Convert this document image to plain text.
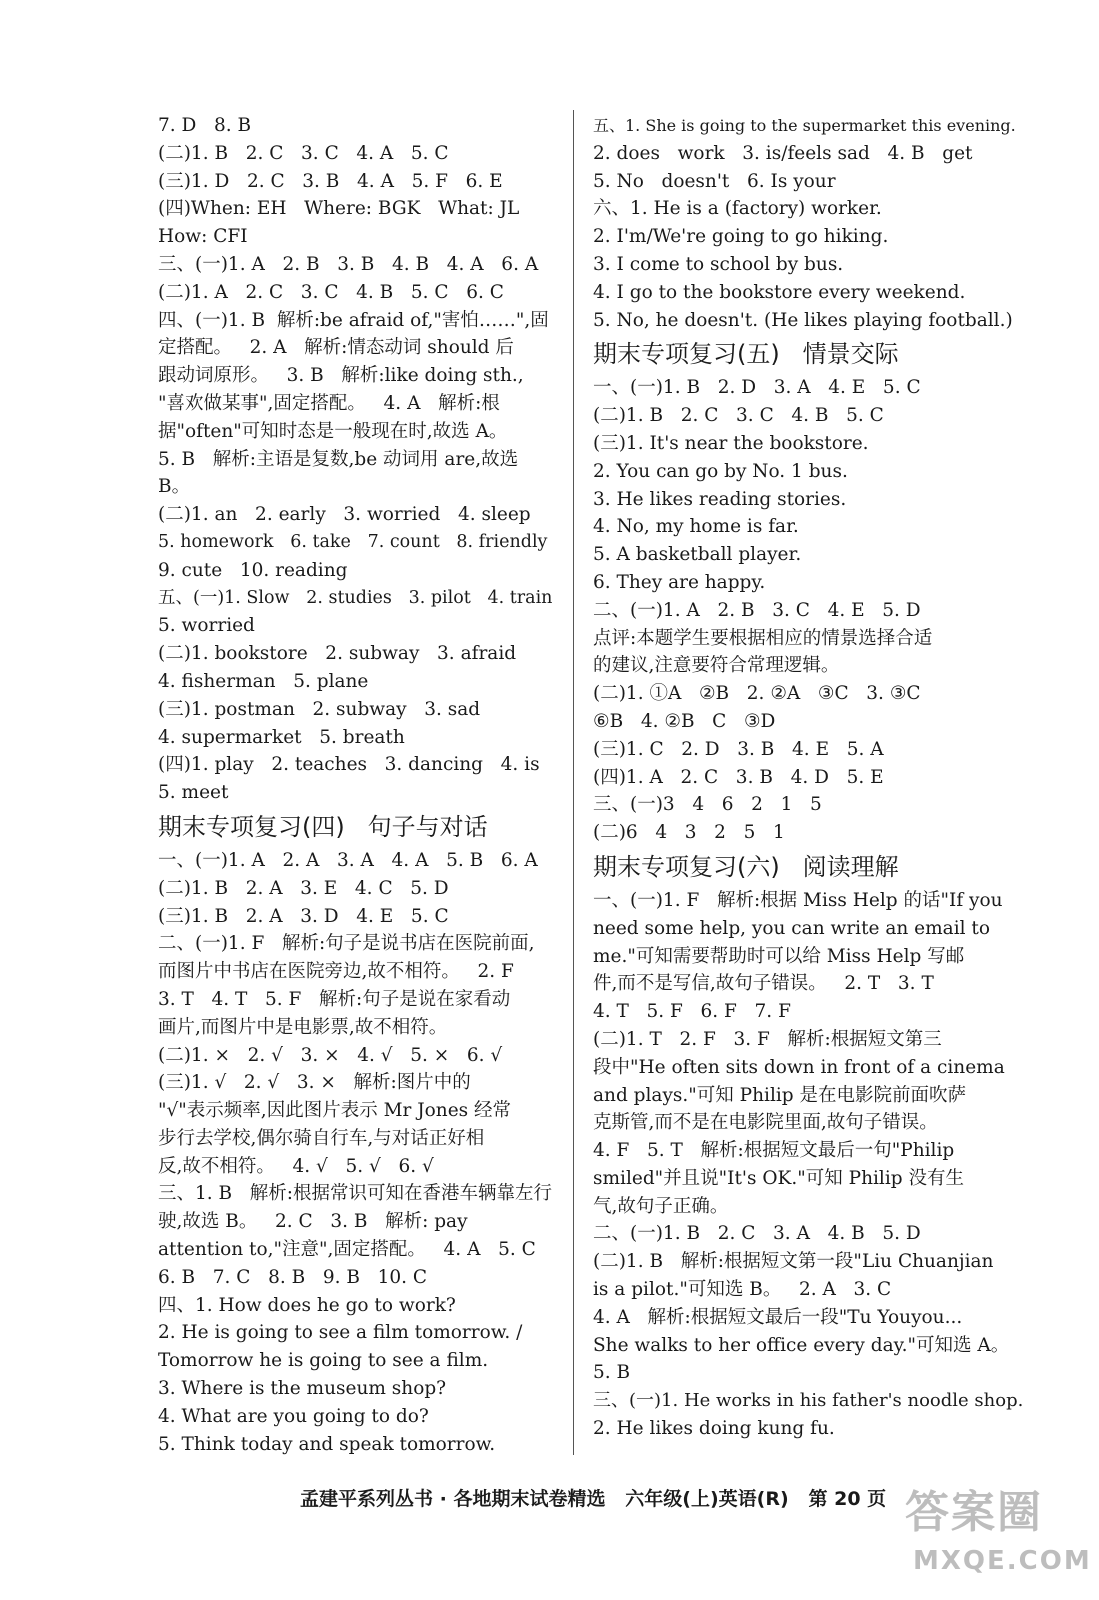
7. D   8. B
(二)1. B   2. C   3. C   4. A   5. C
(三)1. D   2. C   3. B   4. A   5. F   6. E
(四)When: EH   Where: BGK   What: JL
How: CFI
三、(一)1. A   2. B   3. B   4. B   4. A   6. A
(二)1. A   2. C   3. C   4. B   5. C   6. C
四、(一)1. B  解析:be afraid of,"害怕……",固
定搭配。   2. A   解析:情态动词 should 后
跟动词原形。   3. B   解析:like doing sth.,
"喜欢做某事",固定搭配。   4. A   解析:根
据"often"可知时态是一般现在时,故选 A。
5. B   解析:主语是复数,be 动词用 are,故选
B。
(二)1. an   2. early   3. worried   4. sleep
5. homework   6. take   7. count   8. friendly
9. cute   10. reading
五、(一)1. Slow   2. studies   3. pilot   4. train
5. worried
(二)1. bookstore   2. subway   3. afraid
4. fisherman   5. plane
(三)1. postman   2. subway   3. sad
4. supermarket   5. breath
(四)1. play   2. teaches   3. dancing   4. is
5. meet
期末专项复习(四)   句子与对话
一、(一)1. A   2. A   3. A   4. A   5. B   6. A
(二)1. B   2. A   3. E   4. C   5. D
(三)1. B   2. A   3. D   4. E   5. C
二、(一)1. F   解析:句子是说书店在医院前面,
而图片中书店在医院旁边,故不相符。   2. F
3. T   4. T   5. F   解析:句子是说在家看动
画片,而图片中是电影票,故不相符。
(二)1. ×   2. √   3. ×   4. √   5. ×   6. √
(三)1. √   2. √   3. ×   解析:图片中的
"√"表示频率,因此图片表示 Mr Jones 经常
步行去学校,偶尔骑自行车,与对话正好相
反,故不相符。   4. √   5. √   6. √
三、1. B   解析:根据常识可知在香港车辆靠左行
驶,故选 B。   2. C   3. B   解析: pay
attention to,"注意",固定搭配。   4. A   5. C
6. B   7. C   8. B   9. B   10. C
四、1. How does he go to work?
2. He is going to see a film tomorrow. /
Tomorrow he is going to see a film.
3. Where is the museum shop?
4. What are you going to do?
5. Think today and speak tomorrow.
五、1. She is going to the supermarket this evening.
2. does   work   3. is/feels sad   4. B   get
5. No   doesn't   6. Is your
六、1. He is a (factory) worker.
2. I'm/We're going to go hiking.
3. I come to school by bus.
4. I go to the bookstore every weekend.
5. No, he doesn't. (He likes playing football.)
期末专项复习(五)   情景交际
一、(一)1. B   2. D   3. A   4. E   5. C
(二)1. B   2. C   3. C   4. B   5. C
(三)1. It's near the bookstore.
2. You can go by No. 1 bus.
3. He likes reading stories.
4. No, my home is far.
5. A basketball player.
6. They are happy.
二、(一)1. A   2. B   3. C   4. E   5. D
点评:本题学生要根据相应的情景选择合适
的建议,注意要符合常理逻辑。
(二)1. ①A   ②B   2. ②A   ③C   3. ③C
⑥B   4. ②B   C   ③D
(三)1. C   2. D   3. B   4. E   5. A
(四)1. A   2. C   3. B   4. D   5. E
三、(一)3   4   6   2   1   5
(二)6   4   3   2   5   1
期末专项复习(六)   阅读理解
一、(一)1. F   解析:根据 Miss Help 的话"If you
need some help, you can write an email to
me."可知需要帮助时可以给 Miss Help 写邮
件,而不是写信,故句子错误。   2. T   3. T
4. T   5. F   6. F   7. F
(二)1. T   2. F   3. F   解析:根据短文第三
段中"He often sits down in front of a cinema
and plays."可知 Philip 是在电影院前面吹萨
克斯管,而不是在电影院里面,故句子错误。
4. F   5. T   解析:根据短文最后一句"Philip
smiled"并且说"It's OK."可知 Philip 没有生
气,故句子正确。
二、(一)1. B   2. C   3. A   4. B   5. D
(二)1. B   解析:根据短文第一段"Liu Chuanjian
is a pilot."可知选 B。   2. A   3. C
4. A   解析:根据短文最后一段"Tu Youyou...
She walks to her office every day."可知选 A。
5. B
三、(一)1. He works in his father's noodle shop.
2. He likes doing kung fu.
孟建平系列丛书 · 各地期末试卷精选   六年级(上)英语(R)   第 20 页 答案圈
MXQE.COM
